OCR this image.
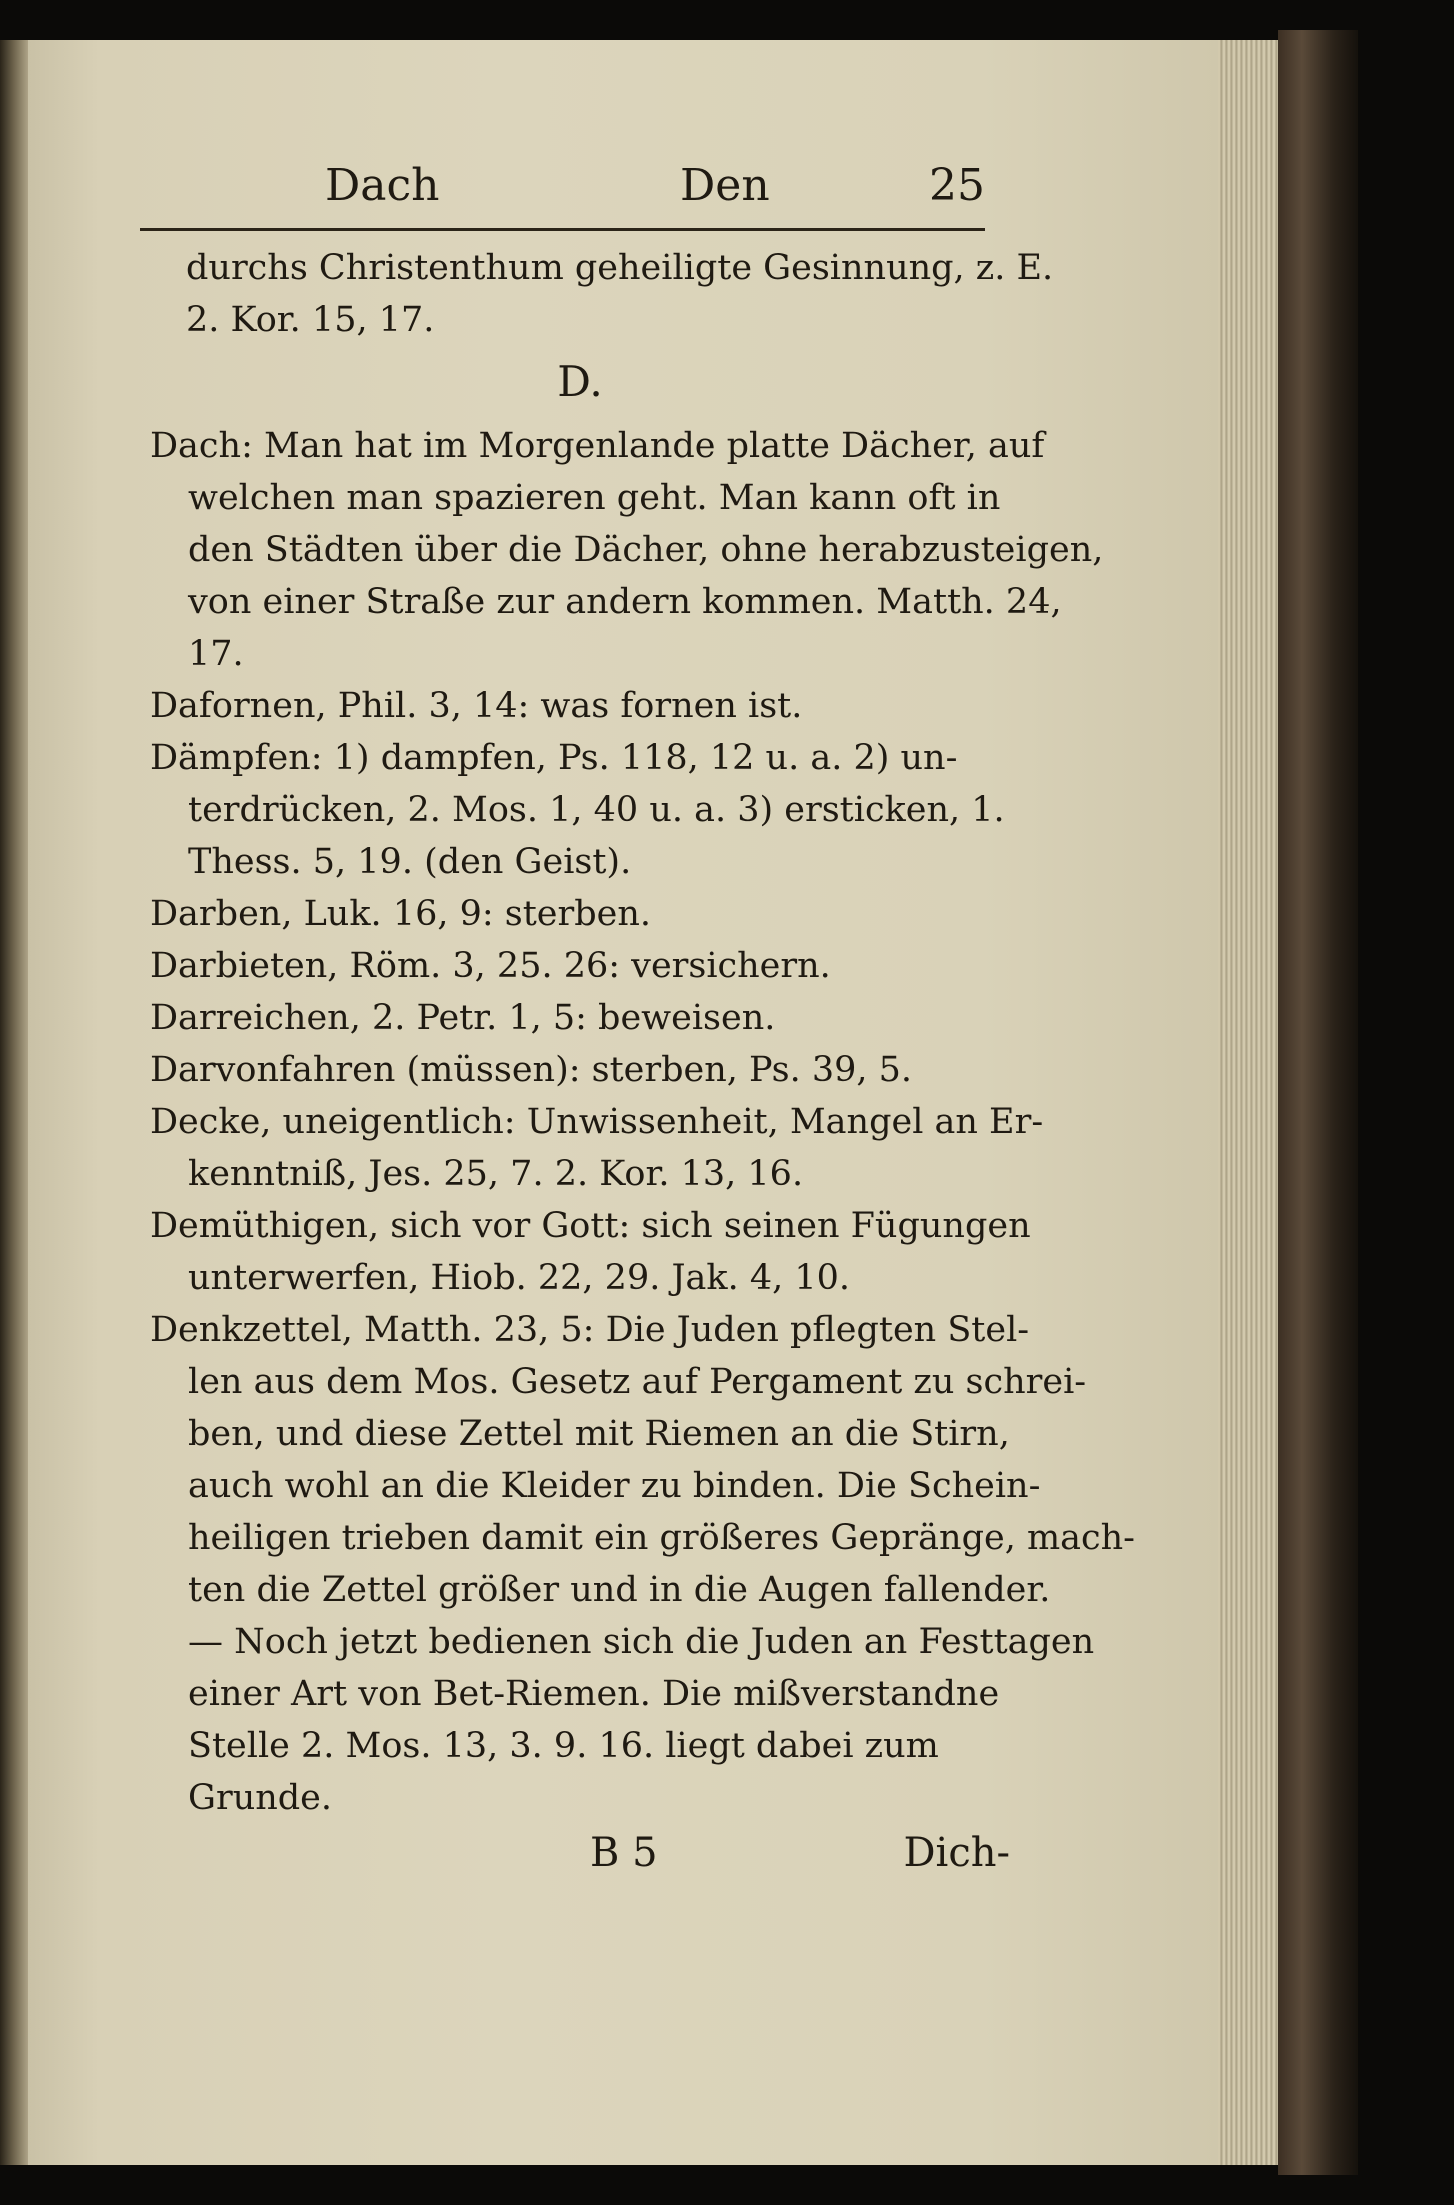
Dach	Den	25
durchs Christenthum geheiligte Gesinnung, z. E.
2. Kor. 15, 17.
D.
Dach: Man hat im Morgenlande platte Dächer, auf
welchen man spazieren geht. Man kann oft in
den Städten über die Dächer, ohne herabzusteigen,
von einer Straße zur andern kommen. Matth. 24,
17.
Dafornen, Phil. 3, 14: was fornen ist.
Dämpfen: 1) dampfen, Ps. 118, 12 u. a. 2) un-
terdrücken, 2. Mos. 1, 40 u. a. 3) ersticken, 1.
Thess. 5, 19. (den Geist).
Darben, Luk. 16, 9: sterben.
Darbieten, Röm. 3, 25. 26: versichern.
Darreichen, 2. Petr. 1, 5: beweisen.
Darvonfahren (müssen): sterben, Ps. 39, 5.
Decke, uneigentlich: Unwissenheit, Mangel an Er-
kenntniß, Jes. 25, 7. 2. Kor. 13, 16.
Demüthigen, sich vor Gott: sich seinen Fügungen
unterwerfen, Hiob. 22, 29. Jak. 4, 10.
Denkzettel, Matth. 23, 5: Die Juden pflegten Stel-
len aus dem Mos. Gesetz auf Pergament zu schrei-
ben, und diese Zettel mit Riemen an die Stirn,
auch wohl an die Kleider zu binden. Die Schein-
heiligen trieben damit ein größeres Gepränge, mach-
ten die Zettel größer und in die Augen fallender.
— Noch jetzt bedienen sich die Juden an Festtagen
einer Art von Bet-Riemen. Die mißverstandne
Stelle 2. Mos. 13, 3. 9. 16. liegt dabei zum
Grunde.
B 5	Dich-
